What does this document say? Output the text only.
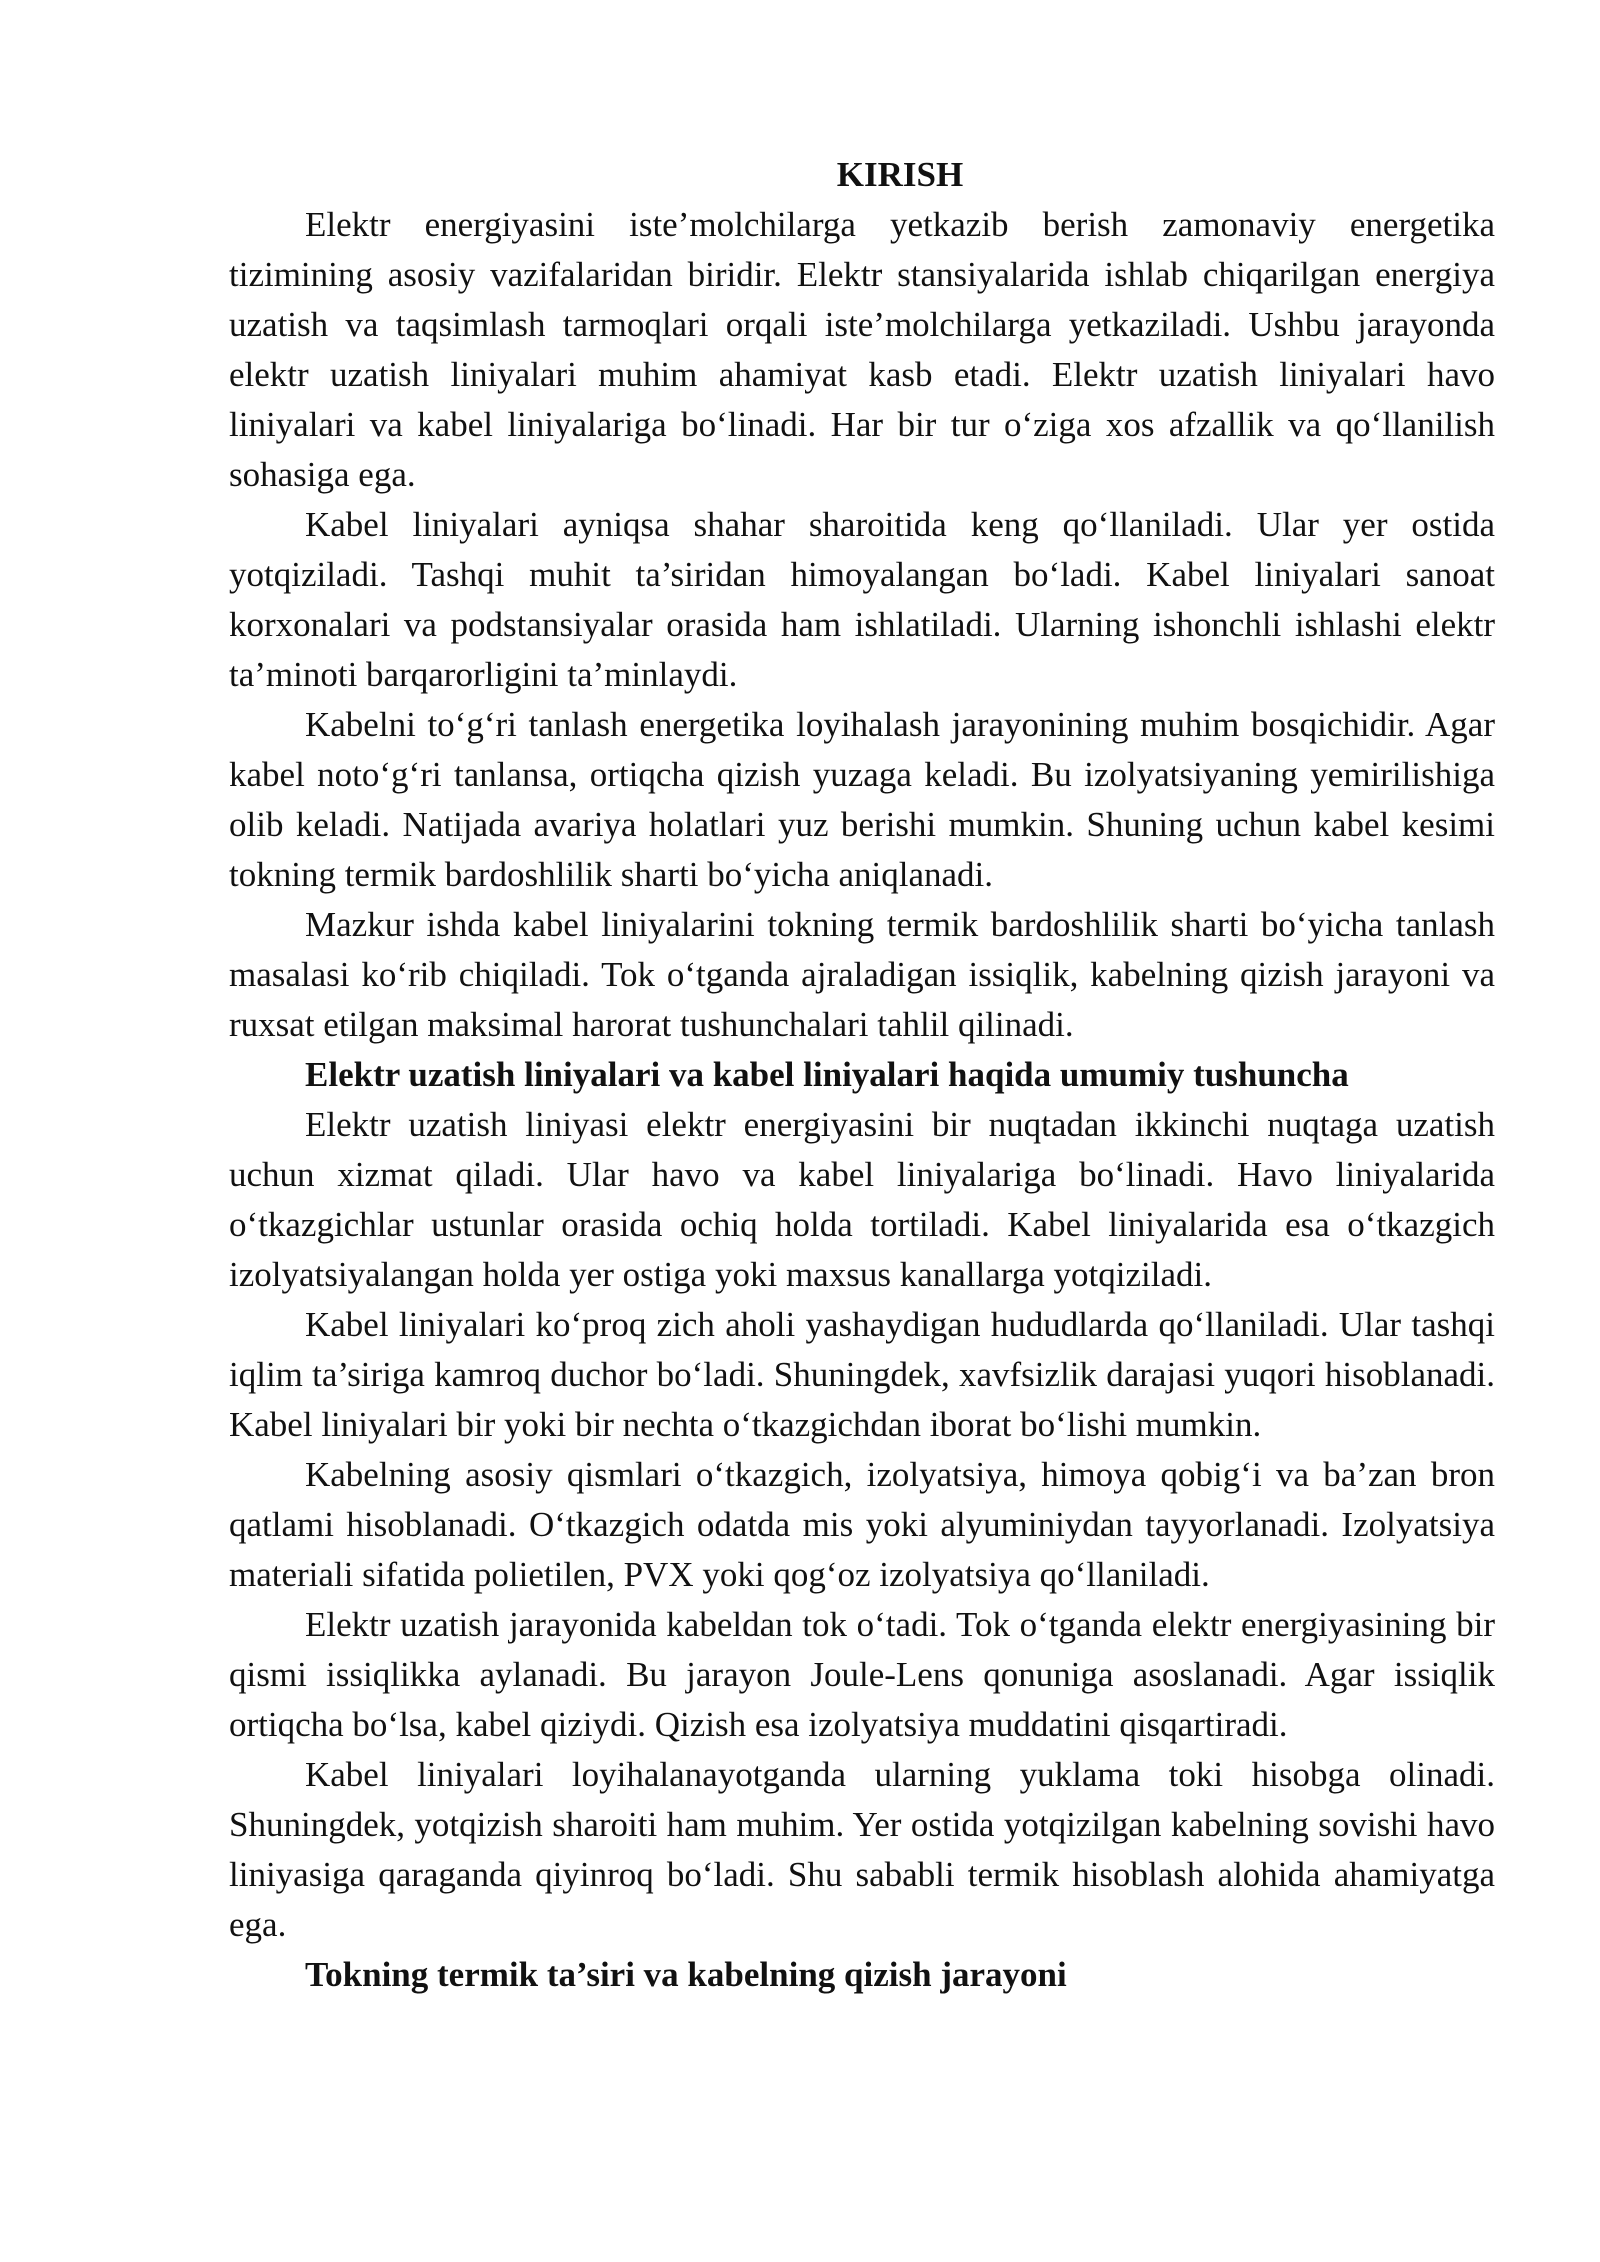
KIRISH

Elektr energiyasini iste’molchilarga yetkazib berish zamonaviy energetika tizimining asosiy vazifalaridan biridir. Elektr stansiyalarida ishlab chiqarilgan energiya uzatish va taqsimlash tarmoqlari orqali iste’molchilarga yetkaziladi. Ushbu jarayonda elektr uzatish liniyalari muhim ahamiyat kasb etadi. Elektr uzatish liniyalari havo liniyalari va kabel liniyalariga bo‘linadi. Har bir tur o‘ziga xos afzallik va qo‘llanilish sohasiga ega.

Kabel liniyalari ayniqsa shahar sharoitida keng qo‘llaniladi. Ular yer ostida yotqiziladi. Tashqi muhit ta’siridan himoyalangan bo‘ladi. Kabel liniyalari sanoat korxonalari va podstansiyalar orasida ham ishlatiladi. Ularning ishonchli ishlashi elektr ta’minoti barqarorligini ta’minlaydi.

Kabelni to‘g‘ri tanlash energetika loyihalash jarayonining muhim bosqichidir. Agar kabel noto‘g‘ri tanlansa, ortiqcha qizish yuzaga keladi. Bu izolyatsiyaning yemirilishiga olib keladi. Natijada avariya holatlari yuz berishi mumkin. Shuning uchun kabel kesimi tokning termik bardoshlilik sharti bo‘yicha aniqlanadi.

Mazkur ishda kabel liniyalarini tokning termik bardoshlilik sharti bo‘yicha tanlash masalasi ko‘rib chiqiladi. Tok o‘tganda ajraladigan issiqlik, kabelning qizish jarayoni va ruxsat etilgan maksimal harorat tushunchalari tahlil qilinadi.

Elektr uzatish liniyalari va kabel liniyalari haqida umumiy tushuncha

Elektr uzatish liniyasi elektr energiyasini bir nuqtadan ikkinchi nuqtaga uzatish uchun xizmat qiladi. Ular havo va kabel liniyalariga bo‘linadi. Havo liniyalarida o‘tkazgichlar ustunlar orasida ochiq holda tortiladi. Kabel liniyalarida esa o‘tkazgich izolyatsiyalangan holda yer ostiga yoki maxsus kanallarga yotqiziladi.

Kabel liniyalari ko‘proq zich aholi yashaydigan hududlarda qo‘llaniladi. Ular tashqi iqlim ta’siriga kamroq duchor bo‘ladi. Shuningdek, xavfsizlik darajasi yuqori hisoblanadi. Kabel liniyalari bir yoki bir nechta o‘tkazgichdan iborat bo‘lishi mumkin.

Kabelning asosiy qismlari o‘tkazgich, izolyatsiya, himoya qobig‘i va ba’zan bron qatlami hisoblanadi. O‘tkazgich odatda mis yoki alyuminiydan tayyorlanadi. Izolyatsiya materiali sifatida polietilen, PVX yoki qog‘oz izolyatsiya qo‘llaniladi.

Elektr uzatish jarayonida kabeldan tok o‘tadi. Tok o‘tganda elektr energiyasining bir qismi issiqlikka aylanadi. Bu jarayon Joule-Lens qonuniga asoslanadi. Agar issiqlik ortiqcha bo‘lsa, kabel qiziydi. Qizish esa izolyatsiya muddatini qisqartiradi.

Kabel liniyalari loyihalanayotganda ularning yuklama toki hisobga olinadi. Shuningdek, yotqizish sharoiti ham muhim. Yer ostida yotqizilgan kabelning sovishi havo liniyasiga qaraganda qiyinroq bo‘ladi. Shu sababli termik hisoblash alohida ahamiyatga ega.

Tokning termik ta’siri va kabelning qizish jarayoni
